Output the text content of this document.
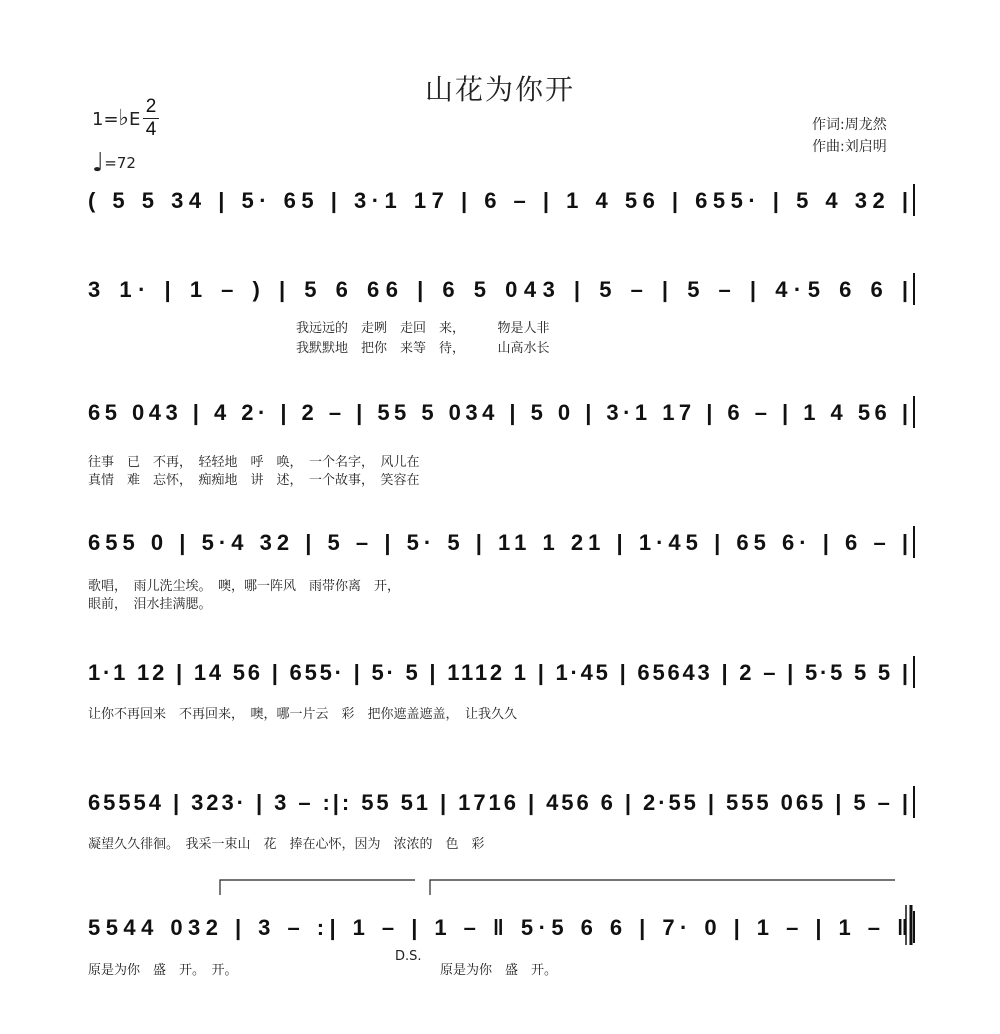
山花为你开
1=♭E $\frac{2}{4}$
♩=72
作词:周龙然
作曲:刘启明
( 5 5 34 | 5· 65 | 3·1 17 | 6 – | 1 4 56 | 655· | 5 4 32 |
3 1· | 1 – ) | 5 6 66 | 6 5 043 | 5 – | 5 – | 4·5 6 6 |
我远远的　走咧　走回　来，　　　物是人非
我默默地　把你　来等　待，　　　山高水长
65 043 | 4 2· | 2 – | 55 5 034 | 5 0 | 3·1 17 | 6 – | 1 4 56 |
往事　已　不再，　轻轻地　呼　唤，　一个名字，　风儿在
真情　难　忘怀，　痴痴地　讲　述，　一个故事，　笑容在
655 0 | 5·4 32 | 5 – | 5· 5 | 11 1 21 | 1·45 | 65 6· | 6 – |
歌唱，　雨儿洗尘埃。　噢，哪一阵风　雨带你离　开，
眼前，　泪水挂满腮。
1·1 12 | 14 56 | 655· | 5· 5 | 1112 1 | 1·45 | 65643 | 2 – | 5·5 5 5 |
让你不再回来　不再回来，　噢，哪一片云　彩　把你遮盖遮盖，　让我久久
65554 | 323· | 3 – :|: 55 51 | 1716 | 456 6 | 2·55 | 555 065 | 5 – |
凝望久久徘徊。　我采一束山　花　捧在心怀，因为　浓浓的　色　彩
5544 032 | 3 – :| 1 – | 1 – ‖ 5·5 6 6 | 7· 0 | 1 – | 1 – ‖
原是为你　盛　开。　开。	原是为你　盛　开。
D.S.
